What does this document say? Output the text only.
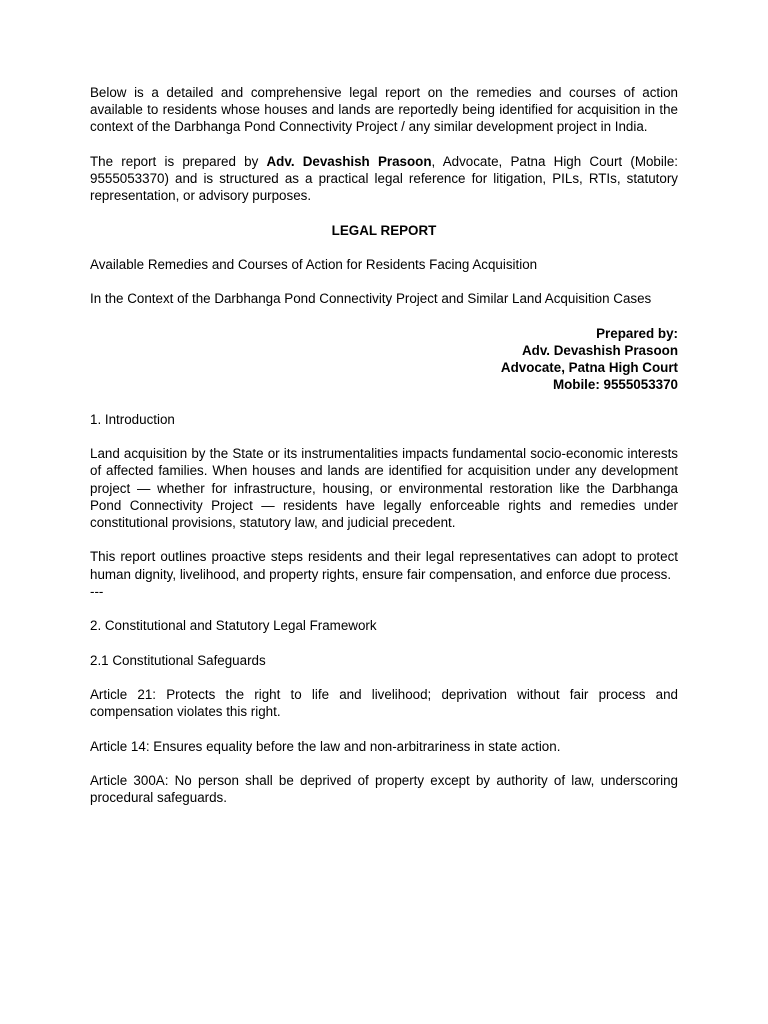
Below is a detailed and comprehensive legal report on the remedies and courses of action available to residents whose houses and lands are reportedly being identified for acquisition in the context of the Darbhanga Pond Connectivity Project / any similar development project in India.

The report is prepared by Adv. Devashish Prasoon, Advocate, Patna High Court (Mobile: 9555053370) and is structured as a practical legal reference for litigation, PILs, RTIs, statutory representation, or advisory purposes.

LEGAL REPORT

Available Remedies and Courses of Action for Residents Facing Acquisition

In the Context of the Darbhanga Pond Connectivity Project and Similar Land Acquisition Cases

Prepared by:
Adv. Devashish Prasoon
Advocate, Patna High Court
Mobile: 9555053370

1. Introduction

Land acquisition by the State or its instrumentalities impacts fundamental socio-economic interests of affected families. When houses and lands are identified for acquisition under any development project — whether for infrastructure, housing, or environmental restoration like the Darbhanga Pond Connectivity Project — residents have legally enforceable rights and remedies under constitutional provisions, statutory law, and judicial precedent.

This report outlines proactive steps residents and their legal representatives can adopt to protect human dignity, livelihood, and property rights, ensure fair compensation, and enforce due process.

---

2. Constitutional and Statutory Legal Framework

2.1 Constitutional Safeguards

Article 21: Protects the right to life and livelihood; deprivation without fair process and compensation violates this right.

Article 14: Ensures equality before the law and non-arbitrariness in state action.

Article 300A: No person shall be deprived of property except by authority of law, underscoring procedural safeguards.
